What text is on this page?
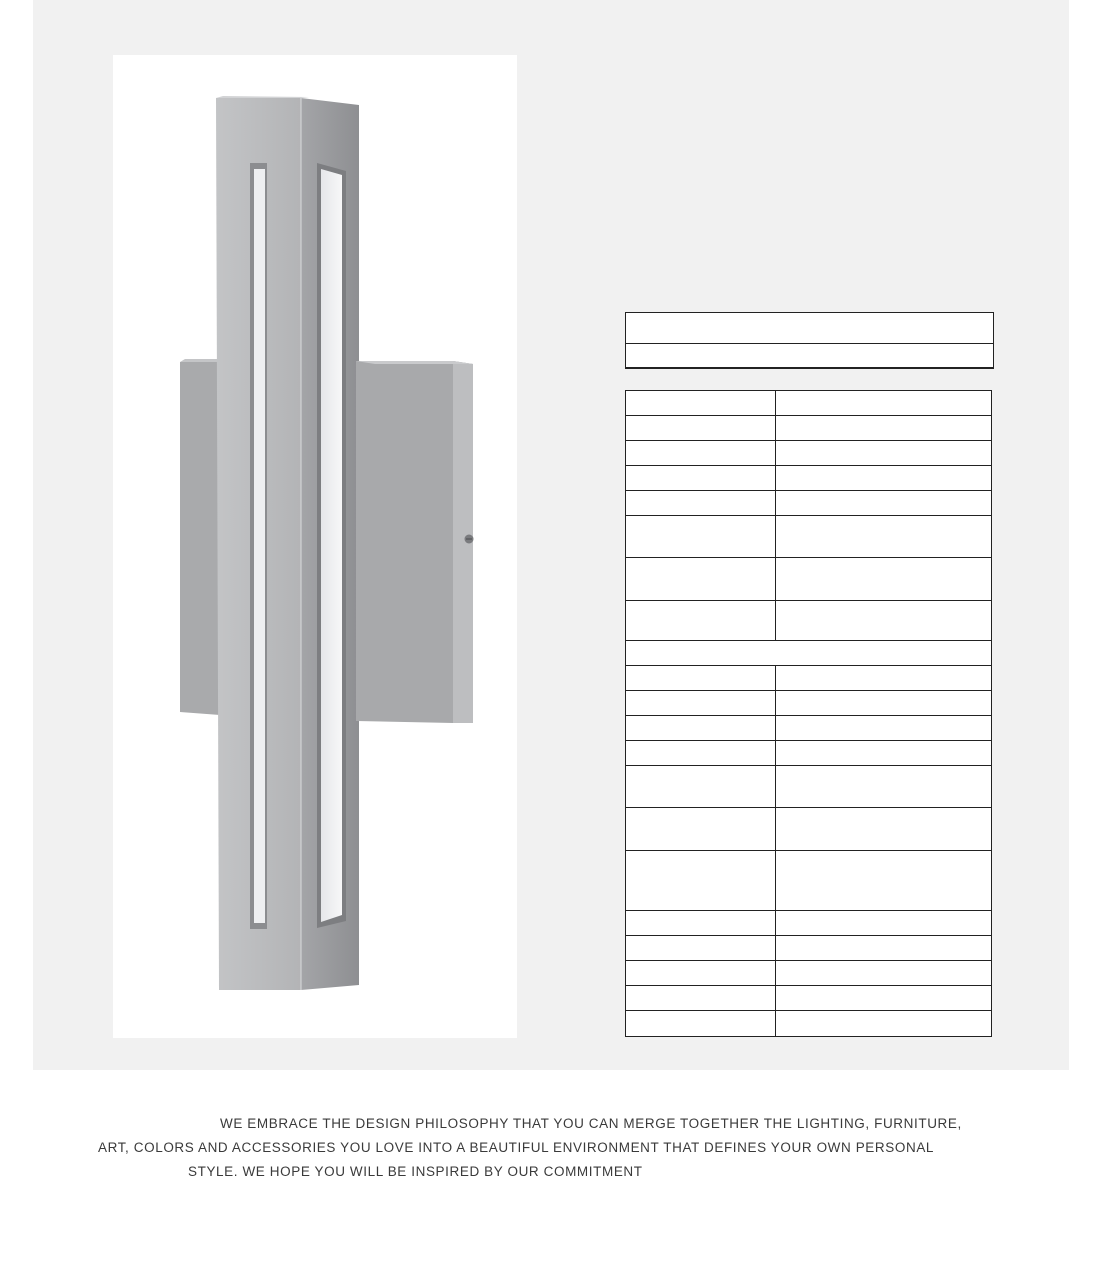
WE EMBRACE THE DESIGN PHILOSOPHY THAT YOU CAN MERGE TOGETHER THE LIGHTING, FURNITURE,
ART, COLORS AND ACCESSORIES YOU LOVE INTO A BEAUTIFUL ENVIRONMENT THAT DEFINES YOUR OWN PERSONAL
STYLE. WE HOPE YOU WILL BE INSPIRED BY OUR COMMITMENT
